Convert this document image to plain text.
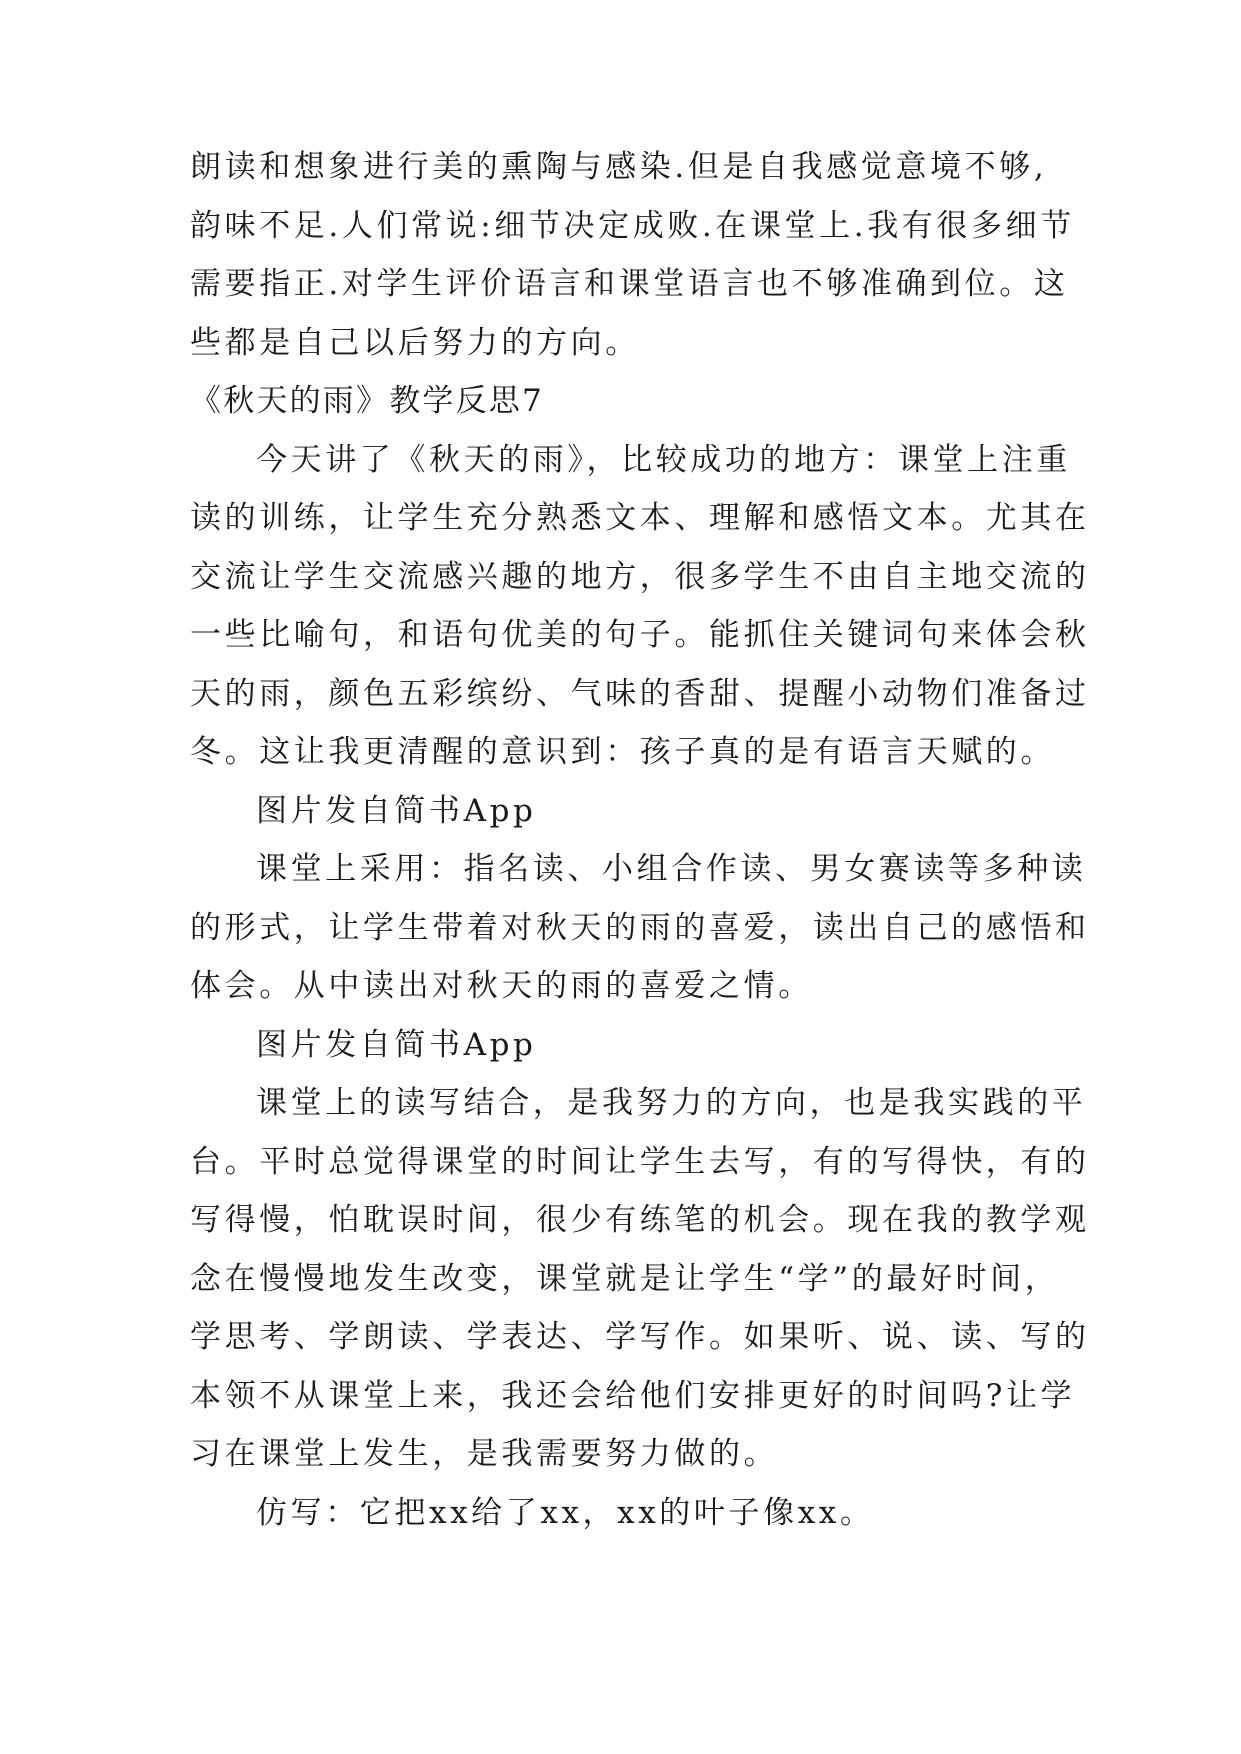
朗读和想象进行美的熏陶与感染.但是自我感觉意境不够,
韵味不足.人们常说:细节决定成败.在课堂上.我有很多细节
需要指正.对学生评价语言和课堂语言也不够准确到位。这
些都是自己以后努力的方向。
《秋天的雨》教学反思7
今天讲了《秋天的雨》，比较成功的地方：课堂上注重
读的训练，让学生充分熟悉文本、理解和感悟文本。尤其在
交流让学生交流感兴趣的地方，很多学生不由自主地交流的
一些比喻句，和语句优美的句子。能抓住关键词句来体会秋
天的雨，颜色五彩缤纷、气味的香甜、提醒小动物们准备过
冬。这让我更清醒的意识到：孩子真的是有语言天赋的。
图片发自简书App
课堂上采用：指名读、小组合作读、男女赛读等多种读
的形式，让学生带着对秋天的雨的喜爱，读出自己的感悟和
体会。从中读出对秋天的雨的喜爱之情。
图片发自简书App
课堂上的读写结合，是我努力的方向，也是我实践的平
台。平时总觉得课堂的时间让学生去写，有的写得快，有的
写得慢，怕耽误时间，很少有练笔的机会。现在我的教学观
念在慢慢地发生改变，课堂就是让学生“学”的最好时间，
学思考、学朗读、学表达、学写作。如果听、说、读、写的
本领不从课堂上来，我还会给他们安排更好的时间吗?让学
习在课堂上发生，是我需要努力做的。
仿写：它把xx给了xx，xx的叶子像xx。
